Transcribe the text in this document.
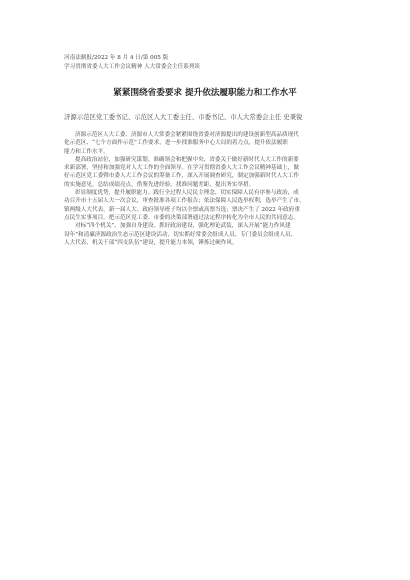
河南法制报/2022 年 8 月 4 日/第 005 版
学习贯彻省委人大工作会议精神 人大常委会主任系列谈
紧紧围绕省委要求 提升依法履职能力和工作水平
济源示范区党工委书记、示范区人大工委主任、市委书记、市人大常委会主任 史秉锐
济源示范区人大工委、济源市人大常委会紧紧围绕省委对济源提出的建设创新型高品质现代
化示范区、“七个方面作示范”工作要求，进一步找准服务中心大局的着力点，提升依法履职
能力和工作水平。
提高政治站位，加强研究谋划。准确领会和把握中央、省委关于做好新时代人大工作的新要
求新部署，坚持和加强党对人大工作的全面领导。在学习贯彻省委人大工作会议精神基础上，做
好示范区党工委暨市委人大工作会议的筹备工作，深入开展调查研究，制定加强新时代人大工作
的实施意见，总结成绩亮点，借鉴先进经验，找准问题差距，提出务实举措。
彰显制度优势，提升履职能力。践行全过程人民民主理念，切实保障人民有序参与政治，成
功召开市十五届人大一次会议，审查批准各项工作报告；依法保障人民选举权利，选举产生了市、
镇两级人大代表，新一届人大、政府领导班子均以全票或高票当选；票决产生了 2022 年政府重
点民生实事项目，把示范区党工委、市委的决策部署通过法定程序转化为全市人民的共同意志。
对标“四个机关”，加强自身建设。抓好政治建设，强化理论武装，深入开展“能力作风建
设年”和清廉济源政治生态示范区建设活动，切实抓好常委会组成人员、专门委员会组成人员、
人大代表、机关干部“四支队伍”建设，提升能力本领，锤炼过硬作风。
